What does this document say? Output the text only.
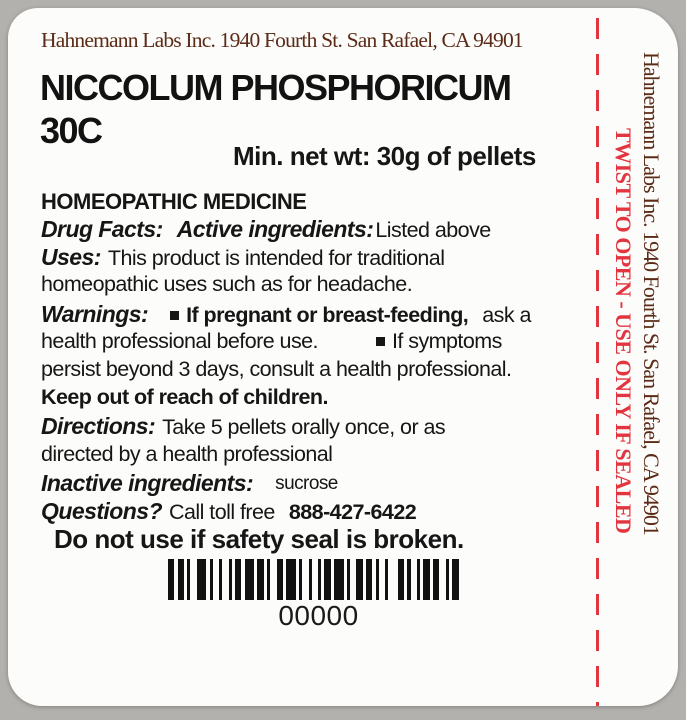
Hahnemann Labs Inc. 1940 Fourth St. San Rafael, CA 94901
NICCOLUM PHOSPHORICUM
30C
Min. net wt: 30g of pellets
HOMEOPATHIC MEDICINE
Drug Facts: Active ingredients:Listed above
Uses: This product is intended for traditional
homeopathic uses such as for headache.
Warnings: If pregnant or breast-feeding, ask a
health professional before use.	If symptoms
persist beyond 3 days, consult a health professional.
Keep out of reach of children.
Directions: Take 5 pellets orally once, or as
directed by a health professional
Inactive ingredients: sucrose
Questions? Call toll free 888-427-6422
Do not use if safety seal is broken.
00000
TWIST TO OPEN - USE ONLY IF SEALED Hahnemann Labs Inc. 1940 Fourth St. San Rafael, CA 94901
